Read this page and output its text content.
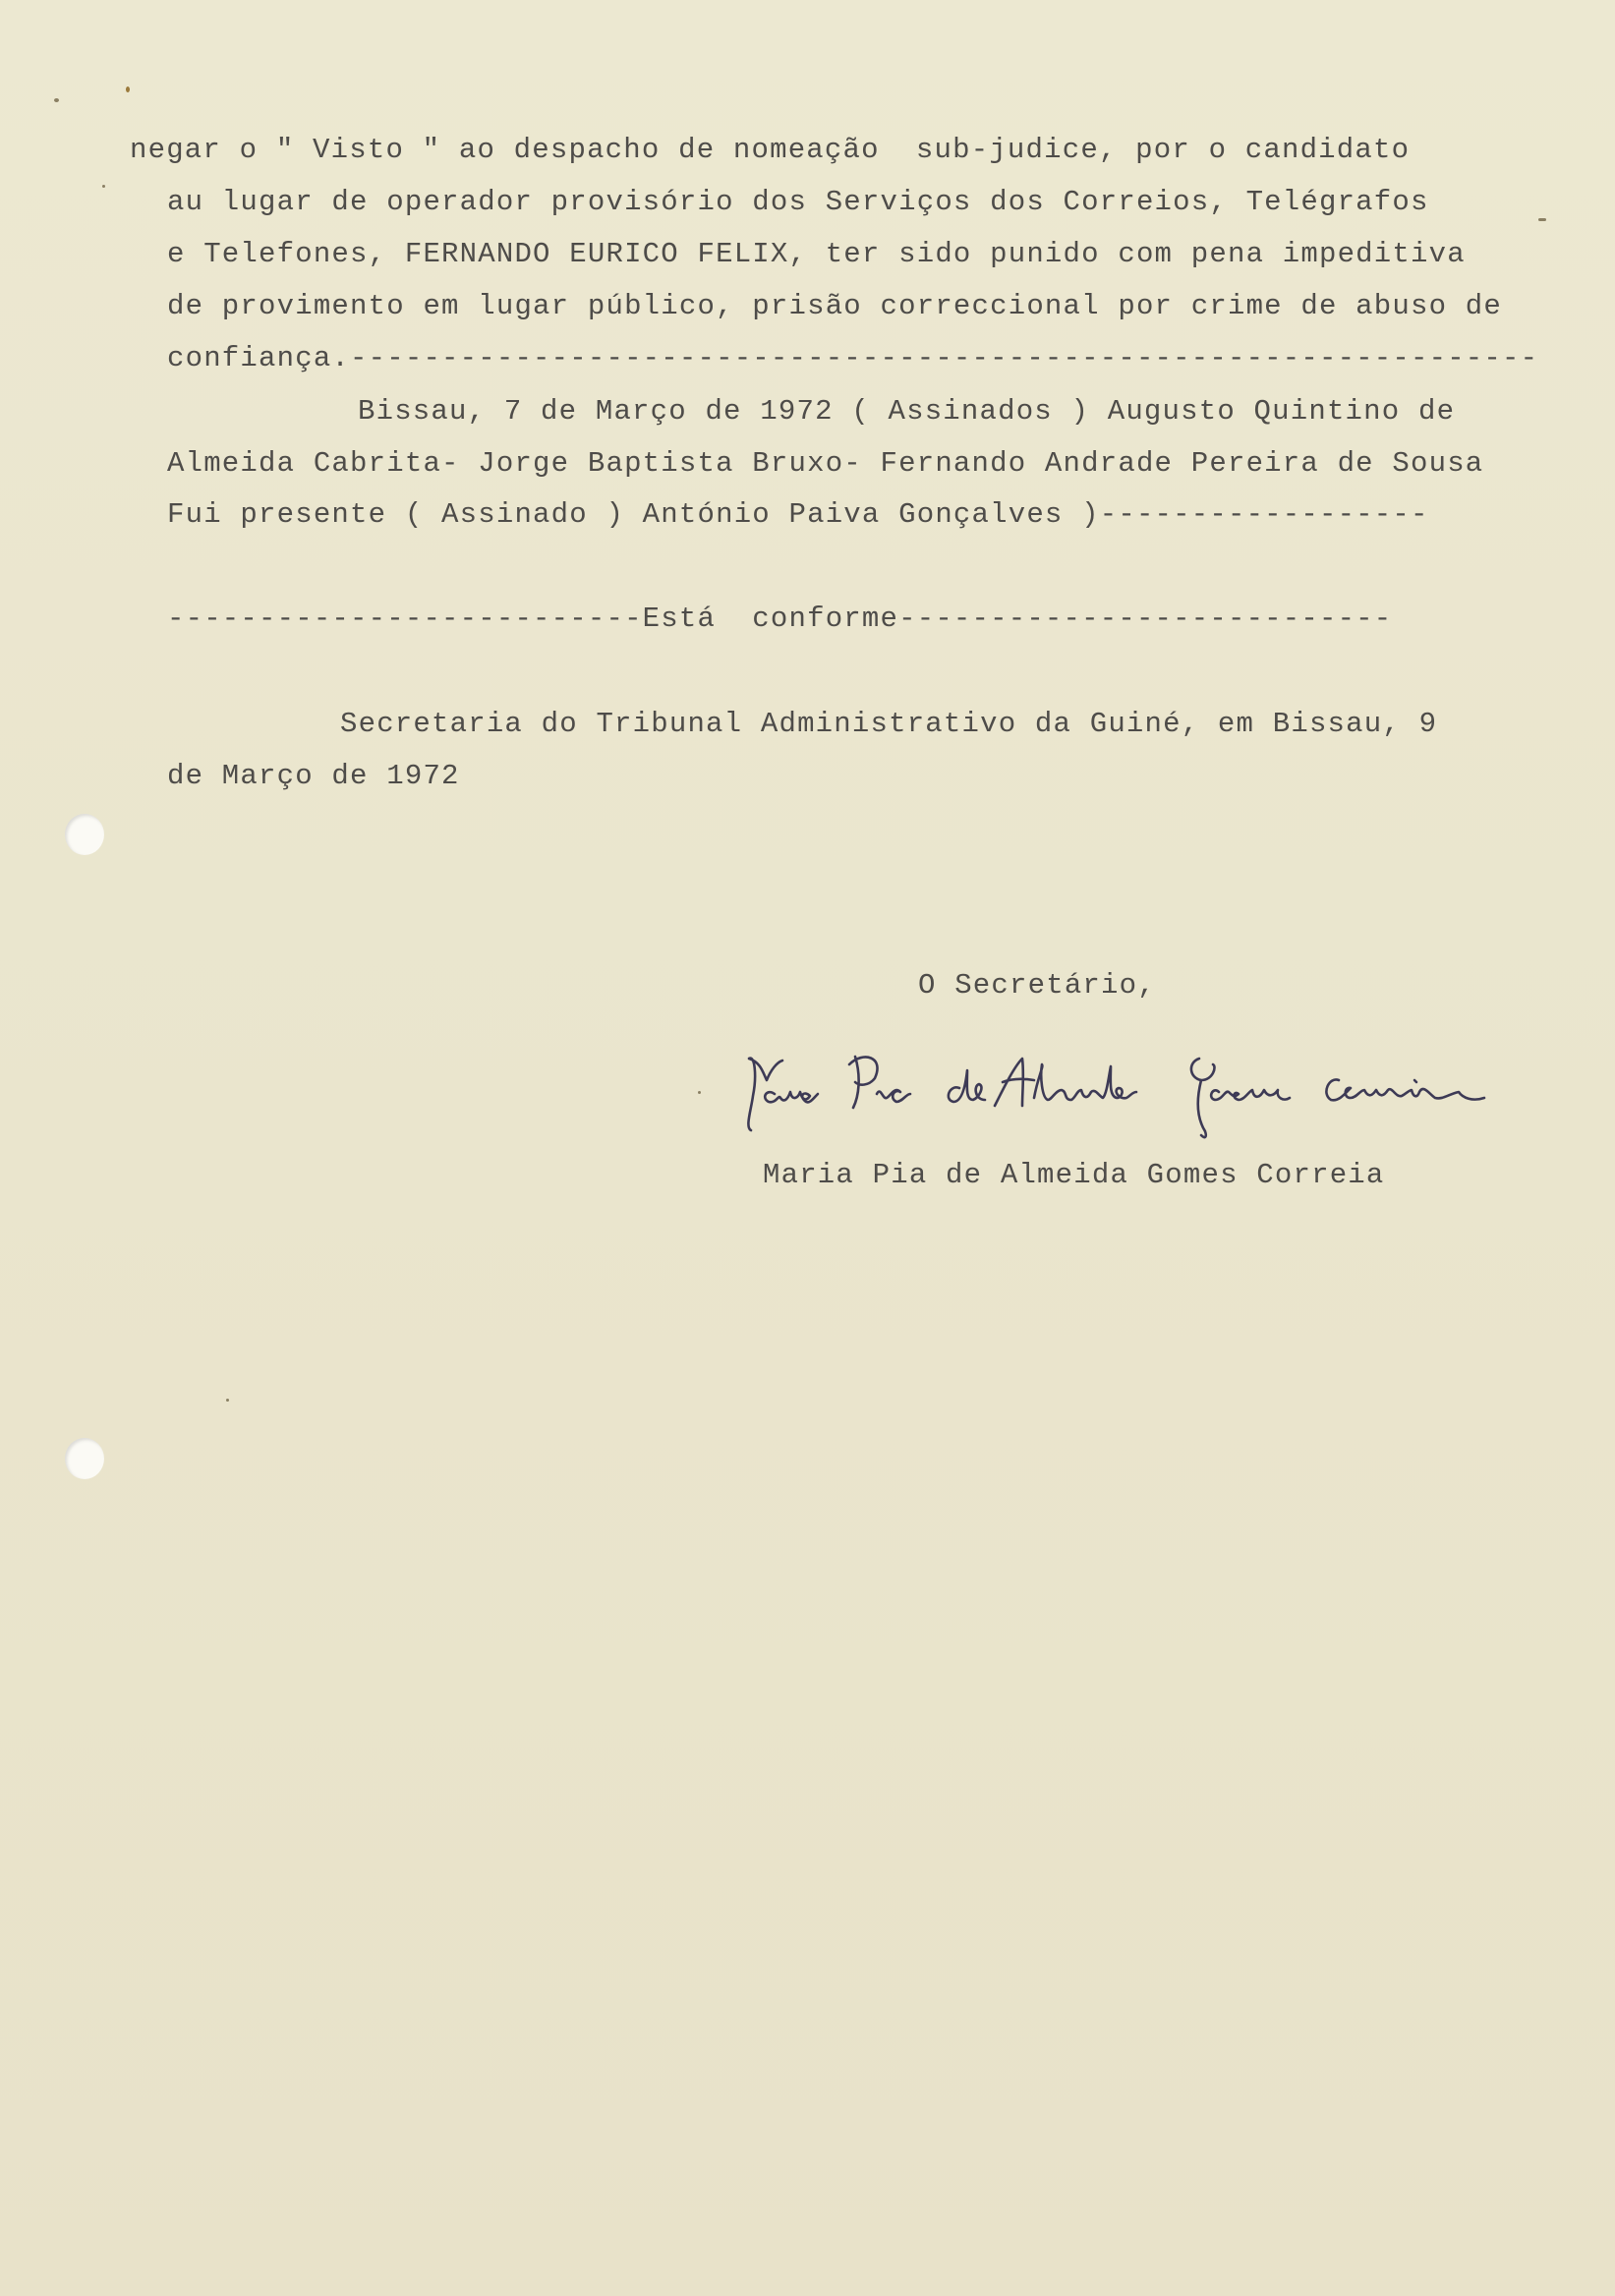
negar o " Visto " ao despacho de nomeação  sub-judice, por o candidato
au lugar de operador provisório dos Serviços dos Correios, Telégrafos
e Telefones, FERNANDO EURICO FELIX, ter sido punido com pena impeditiva
de provimento em lugar público, prisão correccional por crime de abuso de
confiança.-----------------------------------------------------------------
Bissau, 7 de Março de 1972 ( Assinados ) Augusto Quintino de
Almeida Cabrita- Jorge Baptista Bruxo- Fernando Andrade Pereira de Sousa
Fui presente ( Assinado ) António Paiva Gonçalves )------------------
--------------------------Está  conforme---------------------------
Secretaria do Tribunal Administrativo da Guiné, em Bissau, 9
de Março de 1972
O Secretário,
Maria Pia de Almeida Gomes Correia
